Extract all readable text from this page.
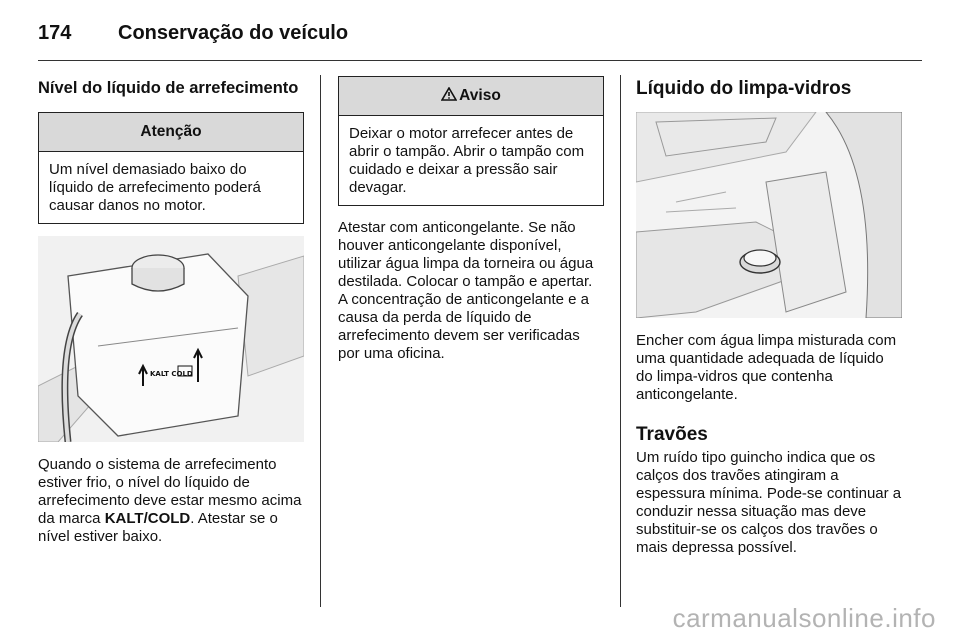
174	Conservação do veículo
Nível do líquido de arrefecimento
Atenção
Um nível demasiado baixo do líquido de arrefecimento poderá causar danos no motor.
KALT COLD

Quando o sistema de arrefecimento estiver frio, o nível do líquido de arrefecimento deve estar mesmo acima da marca KALT/COLD. Atestar se o nível estiver baixo.

Aviso
Deixar o motor arrefecer antes de abrir o tampão. Abrir o tampão com cuidado e deixar a pressão sair devagar.

Atestar com anticongelante. Se não houver anticongelante disponível, utilizar água limpa da torneira ou água destilada. Colocar o tampão e apertar. A concentração de anticongelante e a causa da perda de líquido de arrefecimento devem ser verificadas por uma oficina.

Líquido do limpa-vidros

Encher com água limpa misturada com uma quantidade adequada de líquido do limpa-vidros que contenha anticongelante.

Travões

Um ruído tipo guincho indica que os calços dos travões atingiram a espessura mínima. Pode-se continuar a conduzir nessa situação mas deve substituir-se os calços dos travões o mais depressa possível.

carmanualsonline.info
